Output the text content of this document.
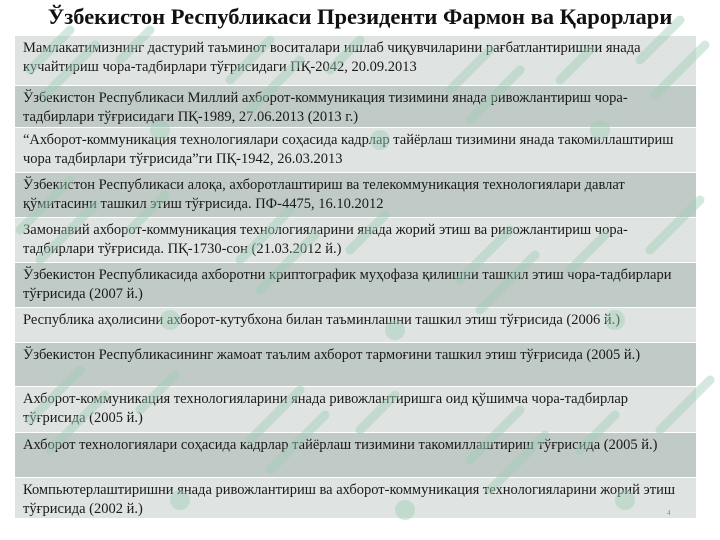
Ўзбекистон Республикаси Президенти Фармон ва Қарорлари
Мамлакатимизнинг дастурий таъминот воситалари ишлаб чиқувчиларини рағбатлантиришни янада кучайтириш чора-тадбирлари тўғрисидаги ПҚ-2042, 20.09.2013
Ўзбекистон Республикаси Миллий ахборот-коммуникация тизимини янада ривожлантириш чора-тадбирлари тўғрисидаги ПҚ-1989, 27.06.2013 (2013 г.)
“Ахборот-коммуникация технологиялари соҳасида кадрлар тайёрлаш тизимини янада такомиллаштириш чора тадбирлари тўғрисида”ги ПҚ-1942, 26.03.2013
Ўзбекистон Республикаси алоқа, ахборотлаштириш ва телекоммуникация технологиялари давлат қўмитасини ташкил этиш тўғрисида. ПФ-4475, 16.10.2012
Замонавий ахборот-коммуникация технологияларини янада жорий этиш ва ривожлантириш чора-тадбирлари тўғрисида. ПҚ-1730-сон (21.03.2012 й.)
Ўзбекистон Республикасида ахборотни криптографик муҳофаза қилишни ташкил этиш чора-тадбирлари тўғрисида (2007 й.)
Республика аҳолисини ахборот-кутубхона билан таъминлашни ташкил этиш тўғрисида (2006 й.)
Ўзбекистон Республикасининг жамоат таълим ахборот тармоғини ташкил этиш тўғрисида (2005 й.)
Ахборот-коммуникация технологияларини янада ривожлантиришга оид қўшимча чора-тадбирлар тўғрисида (2005 й.)
Ахборот технологиялари соҳасида кадрлар тайёрлаш тизимини такомиллаштириш тўғрисида (2005 й.)
Компьютерлаштиришни янада ривожлантириш ва ахборот-коммуникация технологияларини жорий этиш тўғрисида (2002 й.)	4
